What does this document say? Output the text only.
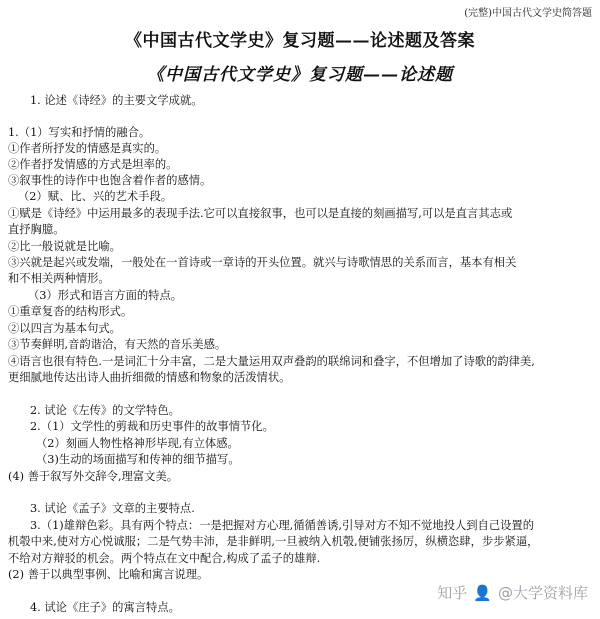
(完整)中国古代文学史简答题
《中国古代文学史》复习题——论述题及答案
《中国古代文学史》复习题——论述题
1. 论述《诗经》的主要文学成就。
1.（1）写实和抒情的融合。
①作者所抒发的情感是真实的。
②作者抒发情感的方式是坦率的。
③叙事性的诗作中也饱含着作者的感情。
（2）赋、比、兴的艺术手段。
①赋是《诗经》中运用最多的表现手法.它可以直接叙事，也可以是直接的刻画描写,可以是直言其志或
直抒胸臆。
②比一般说就是比喻。
③兴就是起兴或发端，一般处在一首诗或一章诗的开头位置。就兴与诗歌情思的关系而言，基本有相关
和不相关两种情形。
（3）形式和语言方面的特点。
①重章复沓的结构形式。
②以四言为基本句式。
③节奏鲜明,音韵谐洽，有天然的音乐美感。
④语言也很有特色.一是词汇十分丰富，二是大量运用双声叠韵的联绵词和叠字，不但增加了诗歌的韵律美,
更细腻地传达出诗人曲折细微的情感和物象的活泼情状。
2. 试论《左传》的文学特色。
2.（1）文学性的剪裁和历史事件的故事情节化。
（2）刻画人物性格神形毕现,有立体感。
（3)生动的场面描写和传神的细节描写。
(4) 善于叙写外交辞令,理富文美。
3. 试论《孟子》文章的主要特点.
3.（1)雄辩色彩。具有两个特点：一是把握对方心理,循循善诱,引导对方不知不觉地投人到自己设置的
机彀中来,使对方心悦诚服；二是气势丰沛，是非鲜明,一旦被纳入机彀,便铺张扬厉，纵横恣肆，步步紧逼，
不给对方辩驳的机会。两个特点在文中配合,构成了孟子的雄辩.
(2) 善于以典型事例、比喻和寓言说理。
4. 试论《庄子》的寓言特点。
知乎 👤 @大学资料库
